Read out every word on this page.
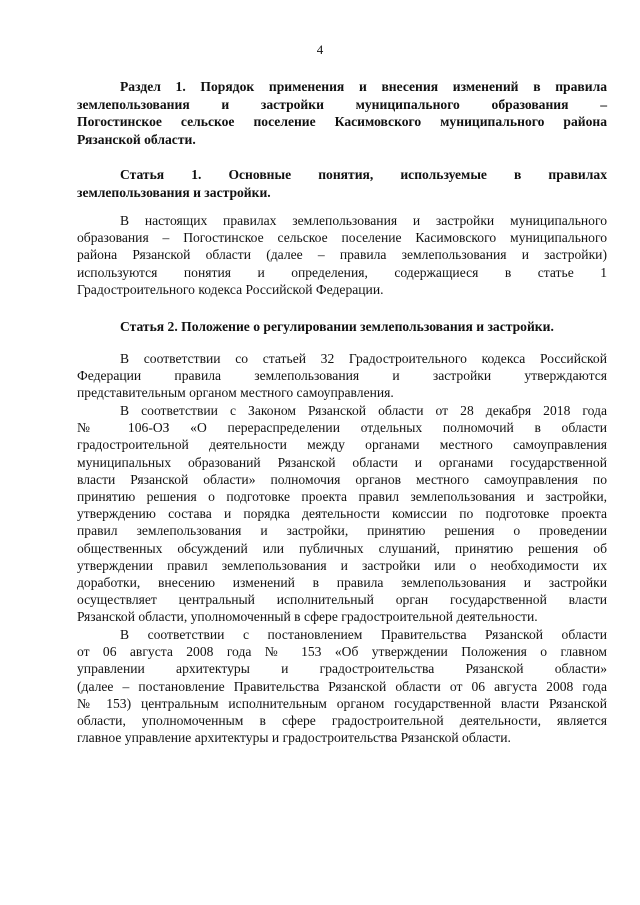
4
Раздел 1. Порядок применения и внесения изменений в правила
землепользования и застройки муниципального образования –
Погостинское сельское поселение Касимовского муниципального района
Рязанской области.
Статья 1. Основные понятия, используемые в правилах
землепользования и застройки.
В настоящих правилах землепользования и застройки муниципального
образования – Погостинское сельское поселение Касимовского муниципального
района Рязанской области (далее – правила землепользования и застройки)
используются понятия и определения, содержащиеся в статье 1
Градостроительного кодекса Российской Федерации.
Статья 2. Положение о регулировании землепользования и застройки.
В соответствии со статьей 32 Градостроительного кодекса Российской
Федерации правила землепользования и застройки утверждаются
представительным органом местного самоуправления.
В соответствии с Законом Рязанской области от 28 декабря 2018 года
№ 106-ОЗ «О перераспределении отдельных полномочий в области
градостроительной деятельности между органами местного самоуправления
муниципальных образований Рязанской области и органами государственной
власти Рязанской области» полномочия органов местного самоуправления по
принятию решения о подготовке проекта правил землепользования и застройки,
утверждению состава и порядка деятельности комиссии по подготовке проекта
правил землепользования и застройки, принятию решения о проведении
общественных обсуждений или публичных слушаний, принятию решения об
утверждении правил землепользования и застройки или о необходимости их
доработки, внесению изменений в правила землепользования и застройки
осуществляет центральный исполнительный орган государственной власти
Рязанской области, уполномоченный в сфере градостроительной деятельности.
В соответствии с постановлением Правительства Рязанской области
от 06 августа 2008 года № 153 «Об утверждении Положения о главном
управлении архитектуры и градостроительства Рязанской области»
(далее – постановление Правительства Рязанской области от 06 августа 2008 года
№ 153) центральным исполнительным органом государственной власти Рязанской
области, уполномоченным в сфере градостроительной деятельности, является
главное управление архитектуры и градостроительства Рязанской области.
